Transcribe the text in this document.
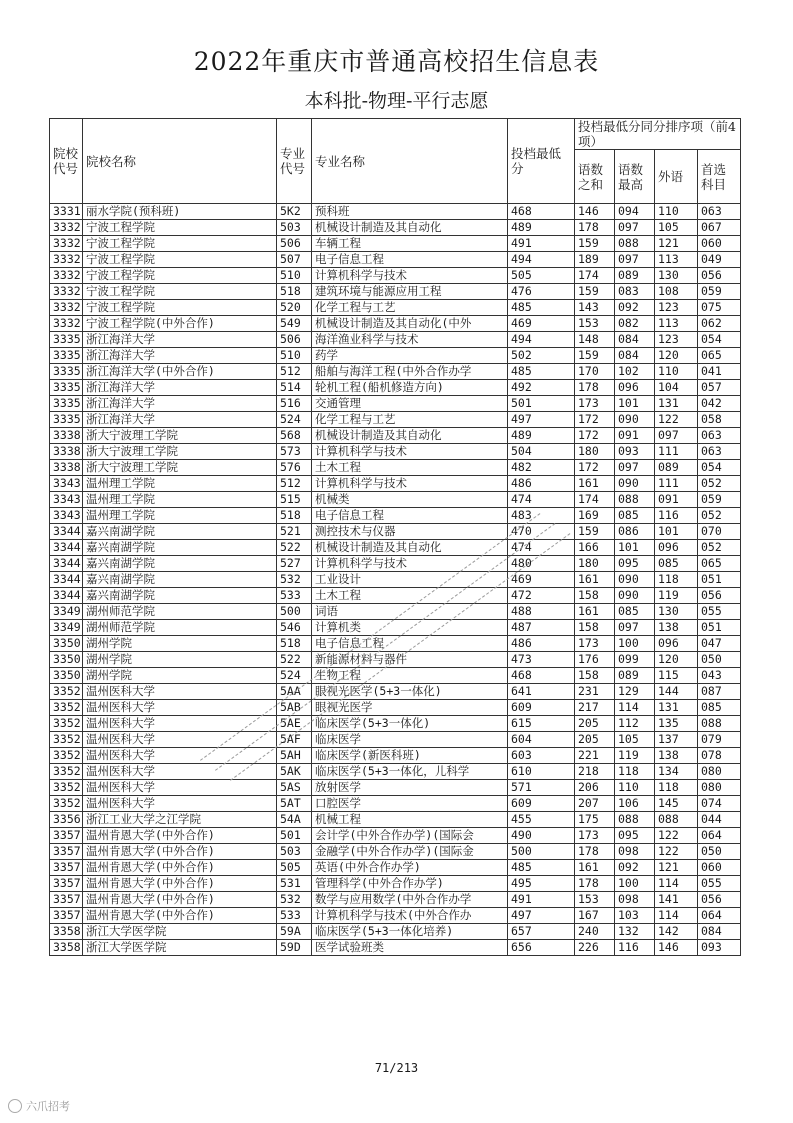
2022年重庆市普通高校招生信息表
本科批-物理-平行志愿
院校代号	院校名称	专业代号	专业名称	投档最低分	投档最低分同分排序项（前4项）			
					语数之和	语数最高	外语	首选科目
3331	丽水学院(预科班)	5K2	预科班	468	146	094	110	063
3332	宁波工程学院	503	机械设计制造及其自动化	489	178	097	105	067
3332	宁波工程学院	506	车辆工程	491	159	088	121	060
3332	宁波工程学院	507	电子信息工程	494	189	097	113	049
3332	宁波工程学院	510	计算机科学与技术	505	174	089	130	056
3332	宁波工程学院	518	建筑环境与能源应用工程	476	159	083	108	059
3332	宁波工程学院	520	化学工程与工艺	485	143	092	123	075
3332	宁波工程学院(中外合作)	549	机械设计制造及其自动化(中外	469	153	082	113	062
3335	浙江海洋大学	506	海洋渔业科学与技术	494	148	084	123	054
3335	浙江海洋大学	510	药学	502	159	084	120	065
3335	浙江海洋大学(中外合作)	512	船舶与海洋工程(中外合作办学	485	170	102	110	041
3335	浙江海洋大学	514	轮机工程(船机修造方向)	492	178	096	104	057
3335	浙江海洋大学	516	交通管理	501	173	101	131	042
3335	浙江海洋大学	524	化学工程与工艺	497	172	090	122	058
3338	浙大宁波理工学院	568	机械设计制造及其自动化	489	172	091	097	063
3338	浙大宁波理工学院	573	计算机科学与技术	504	180	093	111	063
3338	浙大宁波理工学院	576	土木工程	482	172	097	089	054
3343	温州理工学院	512	计算机科学与技术	486	161	090	111	052
3343	温州理工学院	515	机械类	474	174	088	091	059
3343	温州理工学院	518	电子信息工程	483	169	085	116	052
3344	嘉兴南湖学院	521	测控技术与仪器	470	159	086	101	070
3344	嘉兴南湖学院	522	机械设计制造及其自动化	474	166	101	096	052
3344	嘉兴南湖学院	527	计算机科学与技术	480	180	095	085	065
3344	嘉兴南湖学院	532	工业设计	469	161	090	118	051
3344	嘉兴南湖学院	533	土木工程	472	158	090	119	056
3349	湖州师范学院	500	词语	488	161	085	130	055
3349	湖州师范学院	546	计算机类	487	158	097	138	051
3350	湖州学院	518	电子信息工程	486	173	100	096	047
3350	湖州学院	522	新能源材料与器件	473	176	099	120	050
3350	湖州学院	524	生物工程	468	158	089	115	043
3352	温州医科大学	5AA	眼视光医学(5+3一体化)	641	231	129	144	087
3352	温州医科大学	5AB	眼视光医学	609	217	114	131	085
3352	温州医科大学	5AE	临床医学(5+3一体化)	615	205	112	135	088
3352	温州医科大学	5AF	临床医学	604	205	105	137	079
3352	温州医科大学	5AH	临床医学(新医科班)	603	221	119	138	078
3352	温州医科大学	5AK	临床医学(5+3一体化，儿科学	610	218	118	134	080
3352	温州医科大学	5AS	放射医学	571	206	110	118	080
3352	温州医科大学	5AT	口腔医学	609	207	106	145	074
3356	浙江工业大学之江学院	54A	机械工程	455	175	088	088	044
3357	温州肯恩大学(中外合作)	501	会计学(中外合作办学)(国际会	490	173	095	122	064
3357	温州肯恩大学(中外合作)	503	金融学(中外合作办学)(国际金	500	178	098	122	050
3357	温州肯恩大学(中外合作)	505	英语(中外合作办学)	485	161	092	121	060
3357	温州肯恩大学(中外合作)	531	管理科学(中外合作办学)	495	178	100	114	055
3357	温州肯恩大学(中外合作)	532	数学与应用数学(中外合作办学	491	153	098	141	056
3357	温州肯恩大学(中外合作)	533	计算机科学与技术(中外合作办	497	167	103	114	064
3358	浙江大学医学院	59A	临床医学(5+3一体化培养)	657	240	132	142	084
3358	浙江大学医学院	59D	医学试验班类	656	226	116	146	093
71/213
六爪招考
